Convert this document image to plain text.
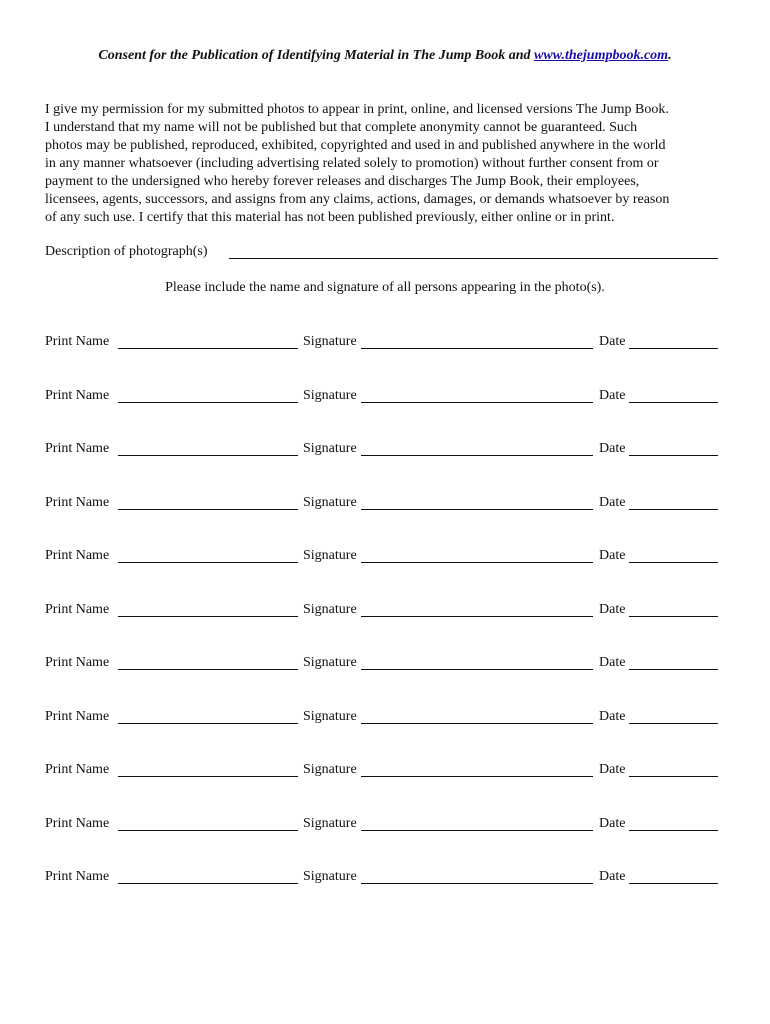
Consent for the Publication of Identifying Material in The Jump Book and www.thejumpbook.com.

I give my permission for my submitted photos to appear in print, online, and licensed versions The Jump Book.
I understand that my name will not be published but that complete anonymity cannot be guaranteed. Such
photos may be published, reproduced, exhibited, copyrighted and used in and published anywhere in the world
in any manner whatsoever (including advertising related solely to promotion) without further consent from or
payment to the undersigned who hereby forever releases and discharges The Jump Book, their employees,
licensees, agents, successors, and assigns from any claims, actions, damages, or demands whatsoever by reason
of any such use. I certify that this material has not been published previously, either online or in print.

Description of photograph(s)
Please include the name and signature of all persons appearing in the photo(s).
Print Name	Signature	Date
Print Name	Signature	Date
Print Name	Signature	Date
Print Name	Signature	Date
Print Name	Signature	Date
Print Name	Signature	Date
Print Name	Signature	Date
Print Name	Signature	Date
Print Name	Signature	Date
Print Name	Signature	Date
Print Name	Signature	Date
